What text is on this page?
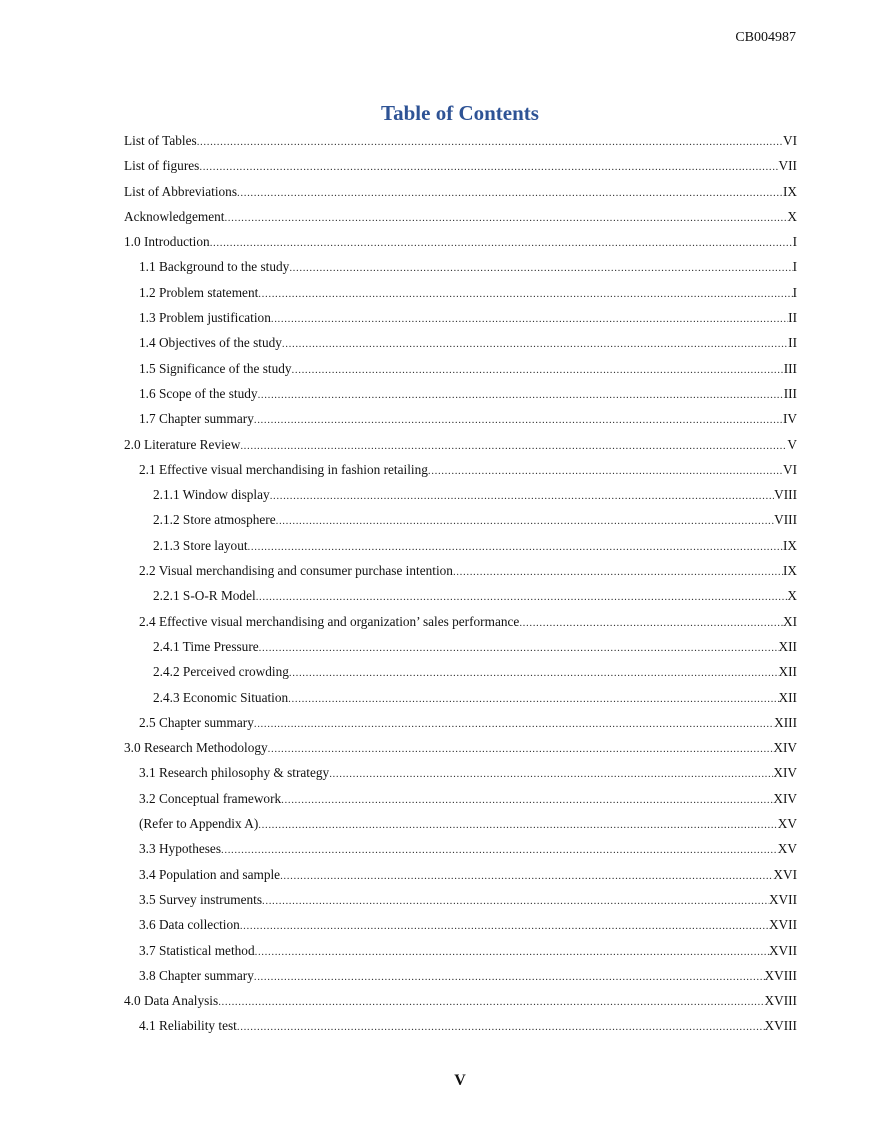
CB004987
Table of Contents
List of Tables .....	VI
List of figures .....	VII
List of Abbreviations .....	IX
Acknowledgement .....	X
1.0 Introduction .....	I
1.1 Background to the study .....	I
1.2 Problem statement .....	I
1.3 Problem justification .....	II
1.4 Objectives of the study .....	II
1.5 Significance of the study .....	III
1.6 Scope of the study .....	III
1.7 Chapter summary .....	IV
2.0 Literature Review .....	V
2.1 Effective visual merchandising in fashion retailing .....	VI
2.1.1 Window display .....	VIII
2.1.2 Store atmosphere .....	VIII
2.1.3 Store layout .....	IX
2.2 Visual merchandising and consumer purchase intention .....	IX
2.2.1 S-O-R Model .....	X
2.4 Effective visual merchandising and organization’ sales performance .....	XI
2.4.1 Time Pressure .....	XII
2.4.2 Perceived crowding .....	XII
2.4.3 Economic Situation .....	XII
2.5 Chapter summary .....	XIII
3.0 Research Methodology .....	XIV
3.1 Research philosophy & strategy .....	XIV
3.2 Conceptual framework .....	XIV
(Refer to Appendix A) .....	XV
3.3 Hypotheses .....	XV
3.4 Population and sample .....	XVI
3.5 Survey instruments .....	XVII
3.6 Data collection .....	XVII
3.7 Statistical method .....	XVII
3.8 Chapter summary .....	XVIII
4.0 Data Analysis .....	XVIII
4.1 Reliability test .....	XVIII
V
